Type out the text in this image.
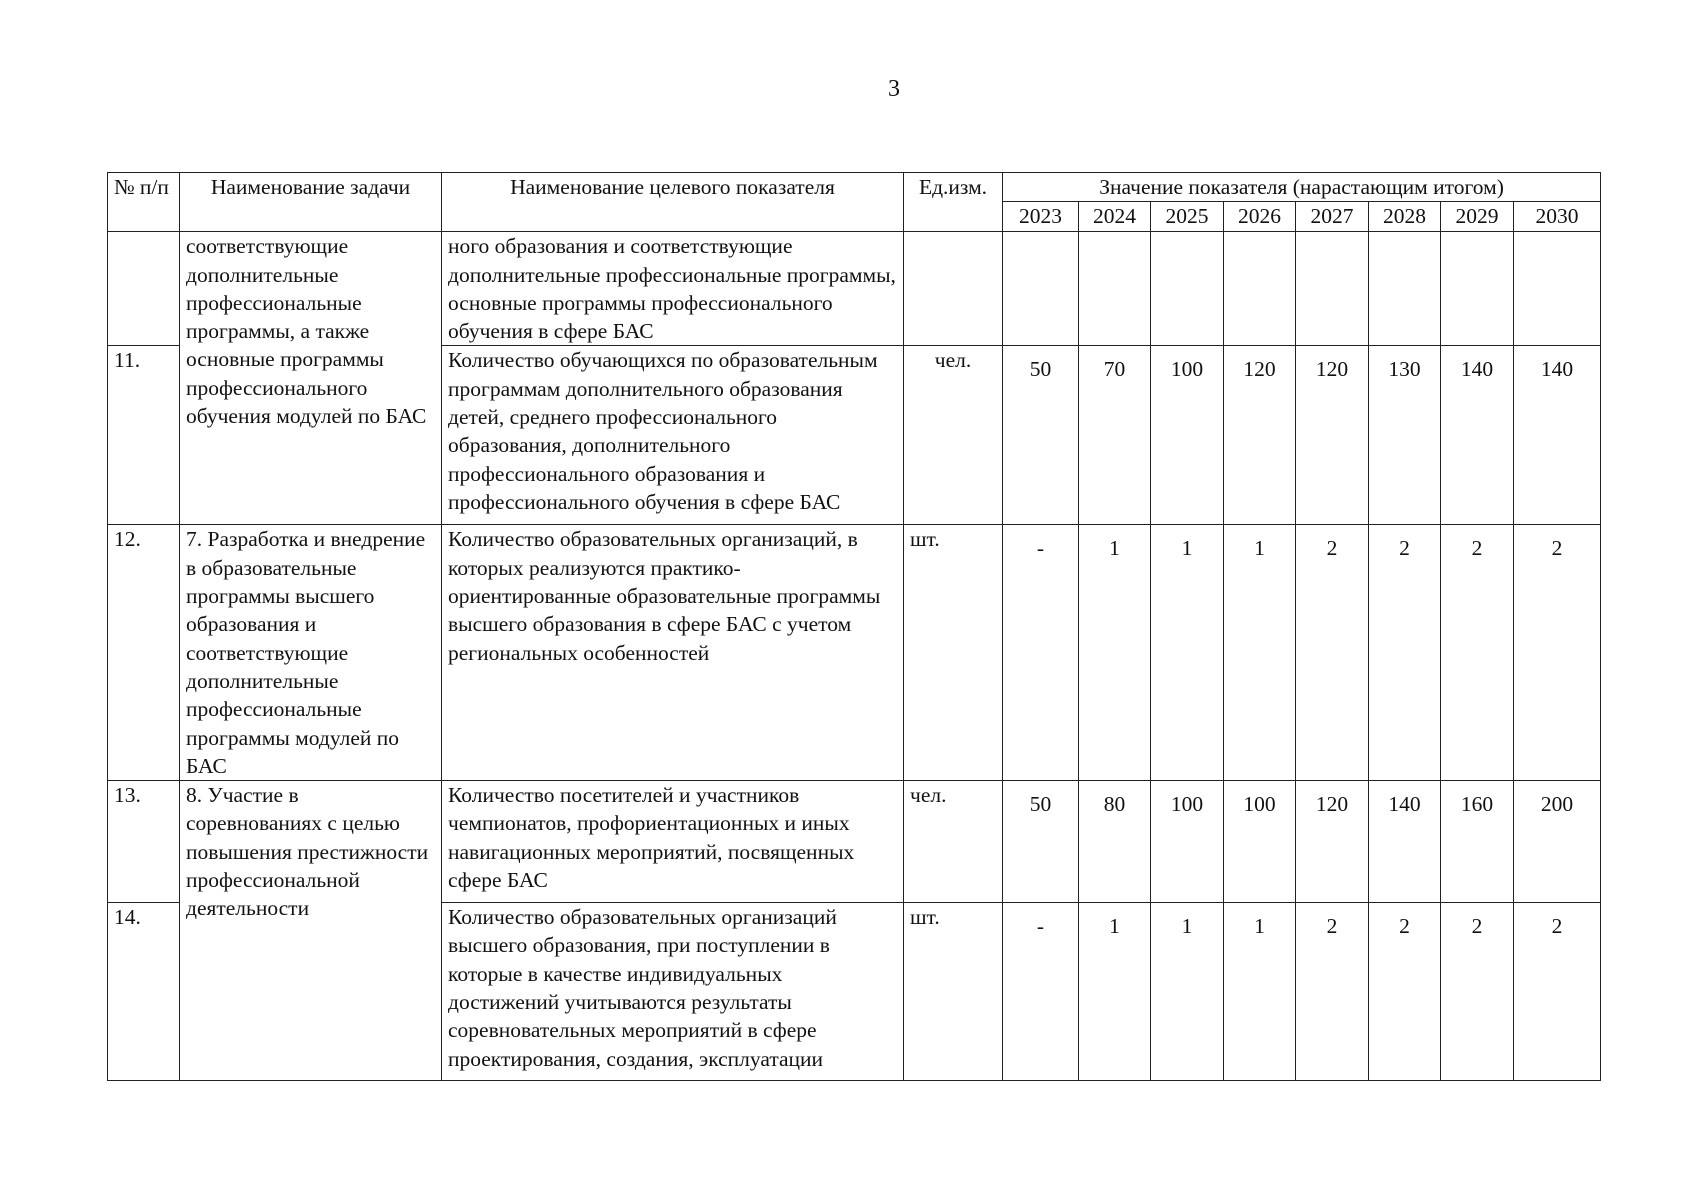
3
№ п/п	Наименование задачи	Наименование целевого показателя	Ед.изм.	Значение показателя (нарастающим итогом)							
				2023	2024	2025	2026	2027	2028	2029	2030
	соответствующие дополнительные профессиональные программы, а также основные программы профессионального обучения модулей по БАС	ного образования и соответствующие дополнительные профессиональные программы, основные программы профессионального обучения в сфере БАС									
11.		Количество обучающихся по образовательным программам дополнительного образования детей, среднего профессионального образования, дополнительного профессионального образования и профессионального обучения в сфере БАС	чел.	50	70	100	120	120	130	140	140
12.	7. Разработка и внедрение в образовательные программы высшего образования и соответствующие дополнительные профессиональные программы модулей по БАС	Количество образовательных организаций, в которых реализуются практико-ориентированные образовательные программы высшего образования в сфере БАС с учетом региональных особенностей	шт.	-	1	1	1	2	2	2	2
13.	8. Участие в соревнованиях с целью повышения престижности профессиональной деятельности	Количество посетителей и участников чемпионатов, профориентационных и иных навигационных мероприятий, посвященных сфере БАС	чел.	50	80	100	100	120	140	160	200
14.		Количество образовательных организаций высшего образования, при поступлении в которые в качестве индивидуальных достижений учитываются результаты соревновательных мероприятий в сфере проектирования, создания, эксплуатации	шт.	-	1	1	1	2	2	2	2
